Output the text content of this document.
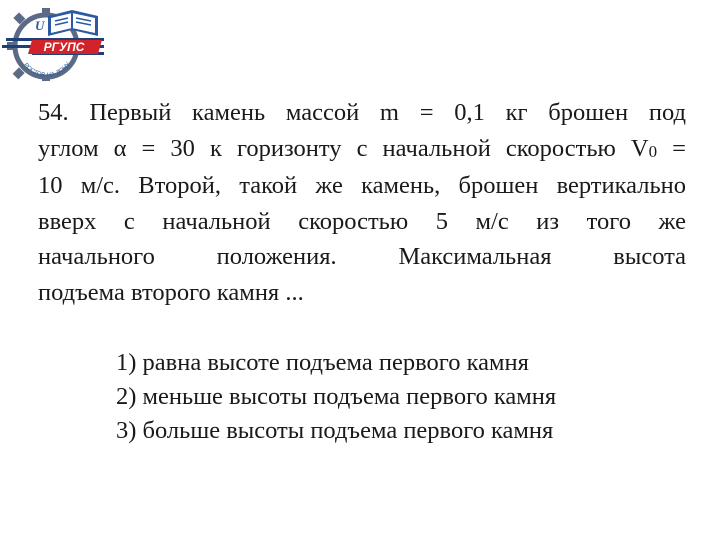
РГУПС
U
РОСТОВ-НА-ДОНУ
54. Первый камень массой m = 0,1 кг брошен под
углом α = 30 к горизонту с начальной скоростью V0 =
10 м/с. Второй, такой же камень, брошен вертикально
вверх с начальной скоростью 5 м/с из того же
начального положения. Максимальная высота
подъема второго камня ...
1) равна высоте подъема первого камня
2) меньше высоты подъема первого камня
3) больше высоты подъема первого камня
